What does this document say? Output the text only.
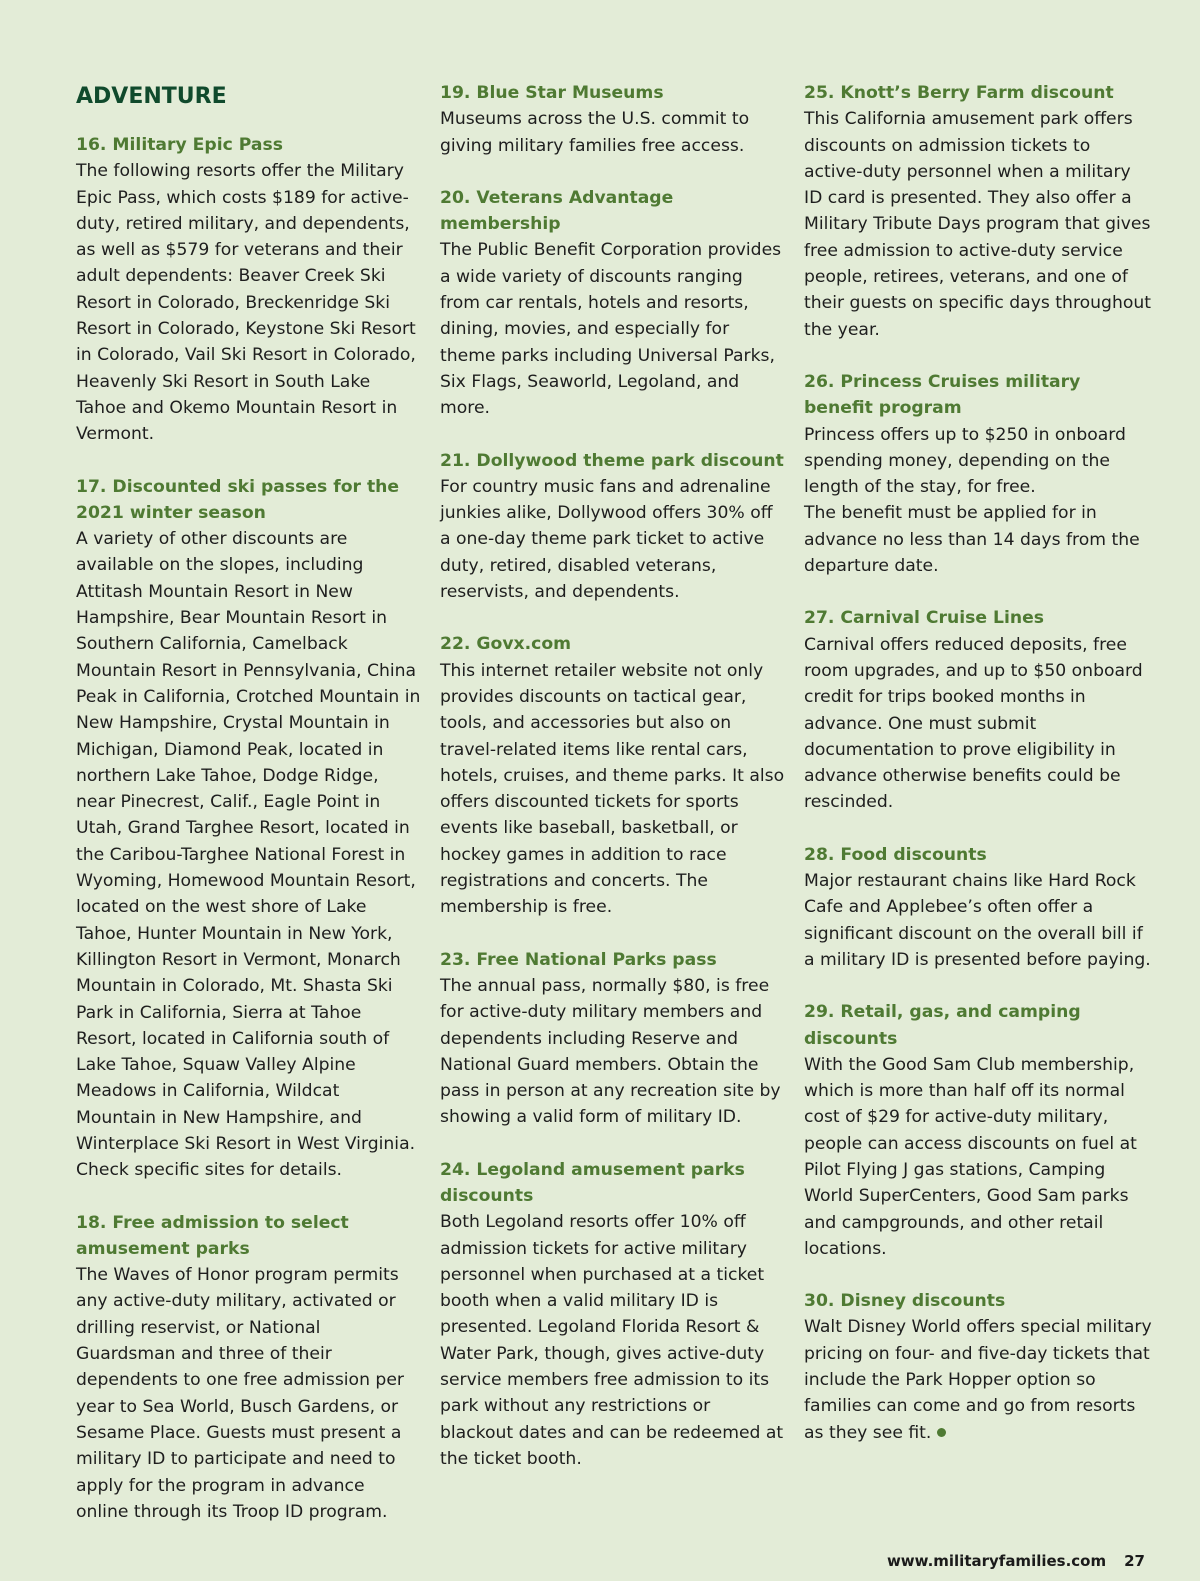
ADVENTURE
16. Military Epic Pass

The following resorts offer the Military Epic Pass, which costs $189 for active-duty, retired military, and dependents, as well as $579 for veterans and their adult dependents: Beaver Creek Ski Resort in Colorado, Breckenridge Ski Resort in Colorado, Keystone Ski Resort in Colorado, Vail Ski Resort in Colorado, Heavenly Ski Resort in South Lake Tahoe and Okemo Mountain Resort in Vermont.

17. Discounted ski passes for the 2021 winter season

A variety of other discounts are available on the slopes, including Attitash Mountain Resort in New Hampshire, Bear Mountain Resort in Southern California, Camelback Mountain Resort in Pennsylvania, China Peak in California, Crotched Mountain in New Hampshire, Crystal Mountain in Michigan, Diamond Peak, located in northern Lake Tahoe, Dodge Ridge, near Pinecrest, Calif., Eagle Point in Utah, Grand Targhee Resort, located in the Caribou-Targhee National Forest in Wyoming, Homewood Mountain Resort, located on the west shore of Lake Tahoe, Hunter Mountain in New York, Killington Resort in Vermont, Monarch Mountain in Colorado, Mt. Shasta Ski Park in California, Sierra at Tahoe Resort, located in California south of Lake Tahoe, Squaw Valley Alpine Meadows in California, Wildcat Mountain in New Hampshire, and Winterplace Ski Resort in West Virginia. Check specific sites for details.

18. Free admission to select amusement parks

The Waves of Honor program permits any active-duty military, activated or drilling reservist, or National Guardsman and three of their dependents to one free admission per year to Sea World, Busch Gardens, or Sesame Place. Guests must present a military ID to participate and need to apply for the program in advance online through its Troop ID program.

19. Blue Star Museums

Museums across the U.S. commit to giving military families free access.

20. Veterans Advantage membership

The Public Benefit Corporation provides a wide variety of discounts ranging from car rentals, hotels and resorts, dining, movies, and especially for theme parks including Universal Parks, Six Flags, Seaworld, Legoland, and more.

21. Dollywood theme park discount

For country music fans and adrenaline junkies alike, Dollywood offers 30% off a one-day theme park ticket to active duty, retired, disabled veterans, reservists, and dependents.

22. Govx.com

This internet retailer website not only provides discounts on tactical gear, tools, and accessories but also on travel-related items like rental cars, hotels, cruises, and theme parks. It also offers discounted tickets for sports events like baseball, basketball, or hockey games in addition to race registrations and concerts. The membership is free.

23. Free National Parks pass

The annual pass, normally $80, is free for active-duty military members and dependents including Reserve and National Guard members. Obtain the pass in person at any recreation site by showing a valid form of military ID.

24. Legoland amusement parks discounts

Both Legoland resorts offer 10% off admission tickets for active military personnel when purchased at a ticket booth when a valid military ID is presented. Legoland Florida Resort & Water Park, though, gives active-duty service members free admission to its park without any restrictions or blackout dates and can be redeemed at the ticket booth.

25. Knott’s Berry Farm discount

This California amusement park offers discounts on admission tickets to active-duty personnel when a military ID card is presented. They also offer a Military Tribute Days program that gives free admission to active-duty service people, retirees, veterans, and one of their guests on specific days throughout the year.

26. Princess Cruises military benefit program

Princess offers up to $250 in onboard spending money, depending on the length of the stay, for free.
The benefit must be applied for in advance no less than 14 days from the departure date.

27. Carnival Cruise Lines

Carnival offers reduced deposits, free room upgrades, and up to $50 onboard credit for trips booked months in advance. One must submit documentation to prove eligibility in advance otherwise benefits could be rescinded.

28. Food discounts

Major restaurant chains like Hard Rock Cafe and Applebee’s often offer a significant discount on the overall bill if a military ID is presented before paying.

29. Retail, gas, and camping discounts

With the Good Sam Club membership, which is more than half off its normal cost of $29 for active-duty military, people can access discounts on fuel at Pilot Flying J gas stations, Camping World SuperCenters, Good Sam parks and campgrounds, and other retail locations.

30. Disney discounts

Walt Disney World offers special military pricing on four- and five-day tickets that include the Park Hopper option so families can come and go from resorts as they see fit.

www.militaryfamilies.com 27
